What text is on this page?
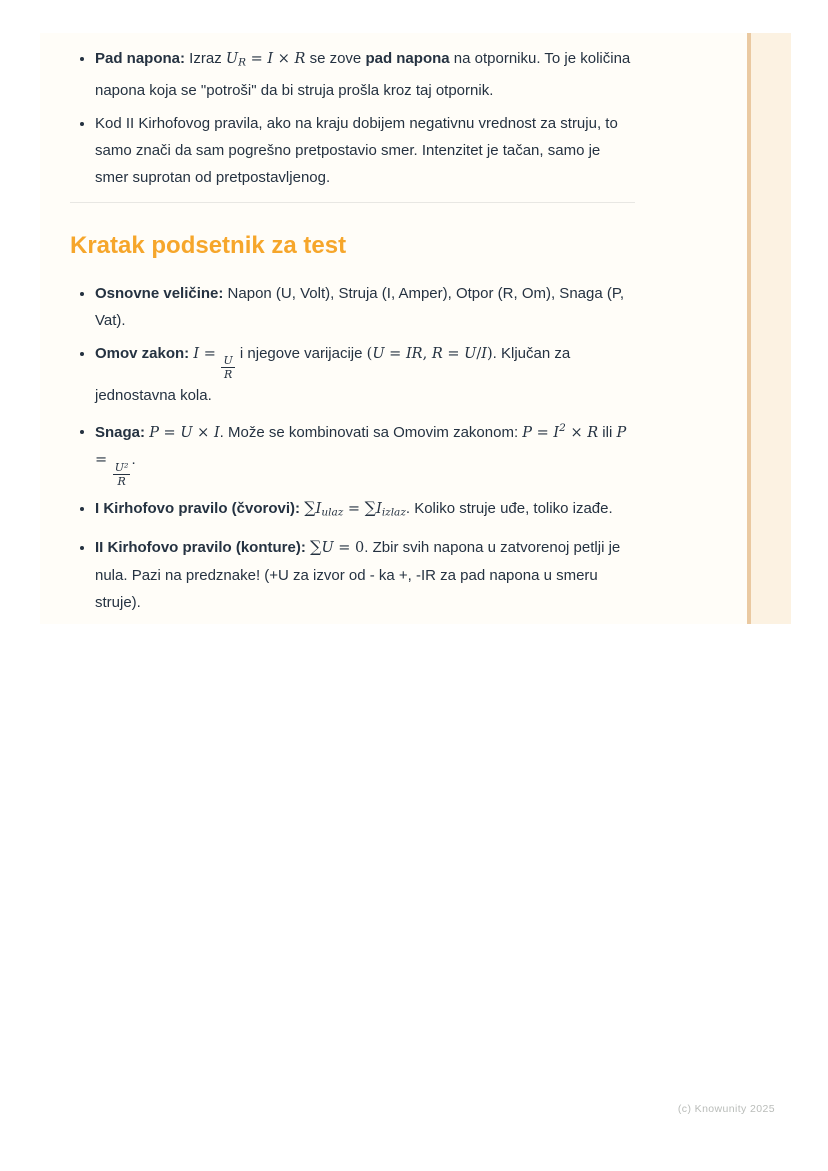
• Pad napona: Izraz UR = I × R se zove pad napona na otporniku. To je količina napona koja se "potroši" da bi struja prošla kroz taj otpornik.
• Kod II Kirhofovog pravila, ako na kraju dobijem negativnu vrednost za struju, to samo znači da sam pogrešno pretpostavio smer. Intenzitet je tačan, samo je smer suprotan od pretpostavljenog.
Kratak podsetnik za test
• Osnovne veličine: Napon (U, Volt), Struja (I, Amper), Otpor (R, Om), Snaga (P, Vat).
• Omov zakon: I =
$\frac{U}{R}$
i njegove varijacije (U = IR, R = U/I). Ključan za jednostavna kola.
• Snaga: P = U × I. Može se kombinovati sa Omovim zakonom: $P = I^2 \times R$ ili P =
$\frac{\text{U²}}{R}$
.
• I Kirhofovo pravilo (čvorovi): ∑Iulaz = ∑Iizlaz. Koliko struje uđe, toliko izađe.
• II Kirhofovo pravilo (konture): ∑U = 0. Zbir svih napona u zatvorenoj petlji je nula. Pazi na predznake! (+U za izvor od - ka +, -IR za pad napona u smeru struje).
(c) Knowunity 2025
